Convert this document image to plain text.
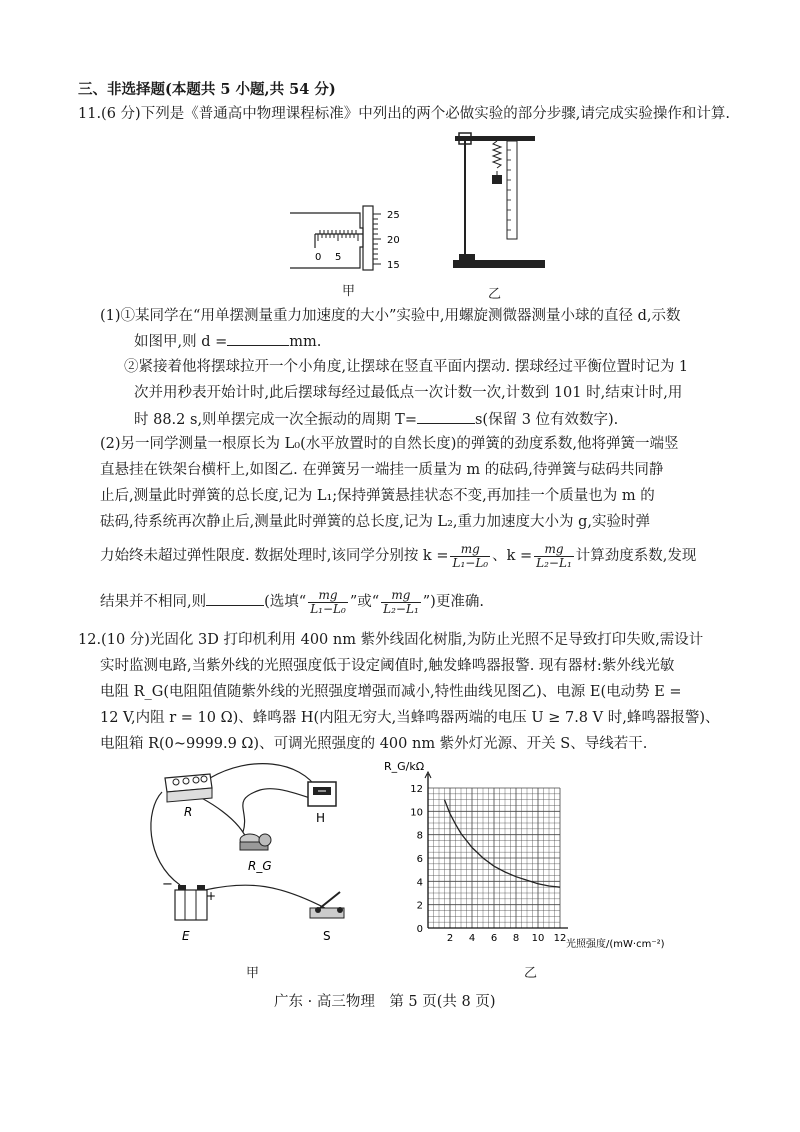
三、非选择题(本题共 5 小题,共 54 分)
11.(6 分)下列是《普通高中物理课程标准》中列出的两个必做实验的部分步骤,请完成实验操作和计算.
25
20
15
0 5
甲	乙
(1)①某同学在“用单摆测量重力加速度的大小”实验中,用螺旋测微器测量小球的直径 d,示数
如图甲,则 d =	mm.
②紧接着他将摆球拉开一个小角度,让摆球在竖直平面内摆动. 摆球经过平衡位置时记为 1
次并用秒表开始计时,此后摆球每经过最低点一次计数一次,计数到 101 时,结束计时,用
时 88.2 s,则单摆完成一次全振动的周期 T=	s(保留 3 位有效数字).
(2)另一同学测量一根原长为 L₀(水平放置时的自然长度)的弹簧的劲度系数,他将弹簧一端竖
直悬挂在铁架台横杆上,如图乙. 在弹簧另一端挂一质量为 m 的砝码,待弹簧与砝码共同静
止后,测量此时弹簧的总长度,记为 L₁;保持弹簧悬挂状态不变,再加挂一个质量也为 m 的
砝码,待系统再次静止后,测量此时弹簧的总长度,记为 L₂,重力加速度大小为 g,实验时弹
力始终未超过弹性限度. 数据处理时,该同学分别按 $k = \frac{mg}{\text{L₁−L₀}}$ 、$k = \frac{mg}{\text{L₂−L₁}}$ 计算劲度系数,发现
结果并不相同,则	(选填“ $\frac{mg}{\text{L₁−L₀}}$ ”或“ $\frac{mg}{\text{L₂−L₁}}$ ”)更准确.
12.(10 分)光固化 3D 打印机利用 400 nm 紫外线固化树脂,为防止光照不足导致打印失败,需设计
实时监测电路,当紫外线的光照强度低于设定阈值时,触发蜂鸣器报警. 现有器材:紫外线光敏
电阻 R_G(电阻阻值随紫外线的光照强度增强而减小,特性曲线见图乙)、电源 E(电动势 E =
12 V,内阻 r = 10 Ω)、蜂鸣器 H(内阻无穷大,当蜂鸣器两端的电压 U ≥ 7.8 V 时,蜂鸣器报警)、
电阻箱 R(0~9999.9 Ω)、可调光照强度的 400 nm 紫外灯光源、开关 S、导线若干.
R	H
R_G
E	S
−
+
甲
2 4 6 8 10 12
0
2
4
6
8
10
12
R_G/kΩ
光照强度/(mW·cm⁻²)
乙
广东 · 高三物理　第 5 页(共 8 页)
